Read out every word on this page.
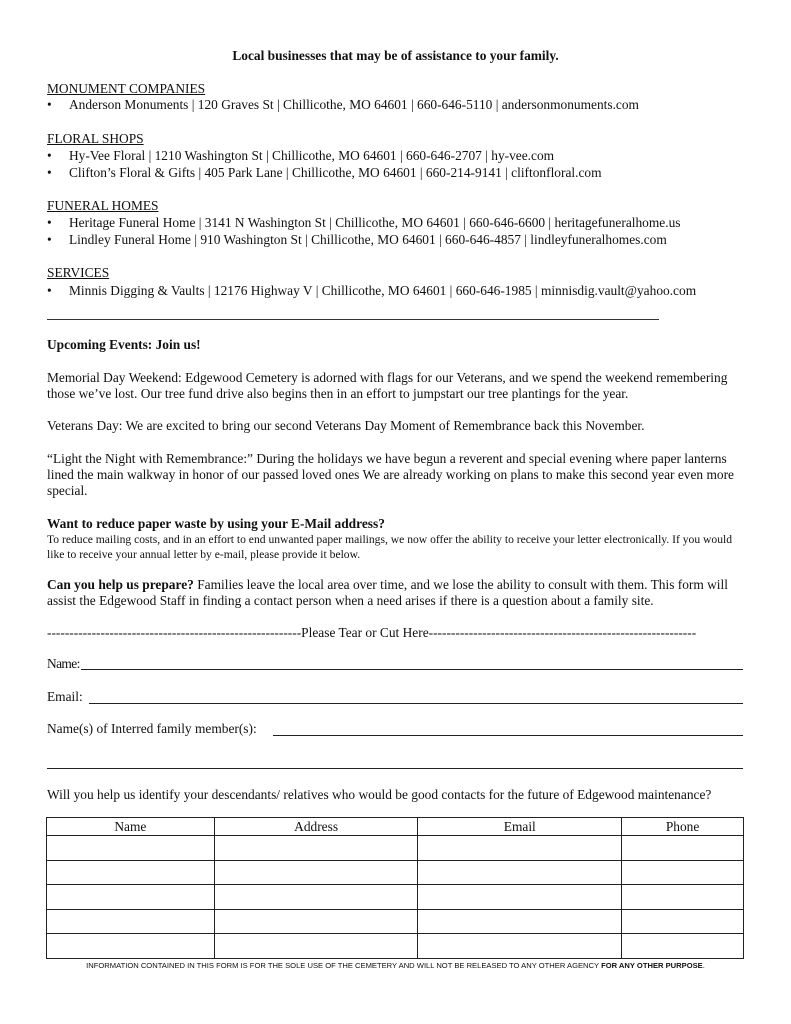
Local businesses that may be of assistance to your family.
MONUMENT COMPANIES
• Anderson Monuments | 120 Graves St | Chillicothe, MO 64601 | 660-646-5110 | andersonmonuments.com
FLORAL SHOPS
• Hy-Vee Floral | 1210 Washington St | Chillicothe, MO 64601 | 660-646-2707 | hy-vee.com
• Clifton’s Floral & Gifts | 405 Park Lane | Chillicothe, MO 64601 | 660-214-9141 | cliftonfloral.com
FUNERAL HOMES
• Heritage Funeral Home | 3141 N Washington St | Chillicothe, MO 64601 | 660-646-6600 | heritagefuneralhome.us
• Lindley Funeral Home | 910 Washington St | Chillicothe, MO 64601 | 660-646-4857 | lindleyfuneralhomes.com
SERVICES
• Minnis Digging & Vaults | 12176 Highway V | Chillicothe, MO 64601 | 660-646-1985 | minnisdig.vault@yahoo.com
Upcoming Events: Join us!
Memorial Day Weekend: Edgewood Cemetery is adorned with flags for our Veterans, and we spend the weekend remembering those we’ve lost. Our tree fund drive also begins then in an effort to jumpstart our tree plantings for the year.
Veterans Day: We are excited to bring our second Veterans Day Moment of Remembrance back this November.
“Light the Night with Remembrance:” During the holidays we have begun a reverent and special evening where paper lanterns lined the main walkway in honor of our passed loved ones We are already working on plans to make this second year even more special.
Want to reduce paper waste by using your E-Mail address?
To reduce mailing costs, and in an effort to end unwanted paper mailings, we now offer the ability to receive your letter electronically. If you would like to receive your annual letter by e-mail, please provide it below.
Can you help us prepare? Families leave the local area over time, and we lose the ability to consult with them. This form will assist the Edgewood Staff in finding a contact person when a need arises if there is a question about a family site.
---------------------------------------------------------Please Tear or Cut Here------------------------------------------------------------
Name:
Email:
Name(s) of Interred family member(s):
Will you help us identify your descendants/ relatives who would be good contacts for the future of Edgewood maintenance?
Name	Address	Email	Phone

INFORMATION CONTAINED IN THIS FORM IS FOR THE SOLE USE OF THE CEMETERY AND WILL NOT BE RELEASED TO ANY OTHER AGENCY FOR ANY OTHER PURPOSE.
